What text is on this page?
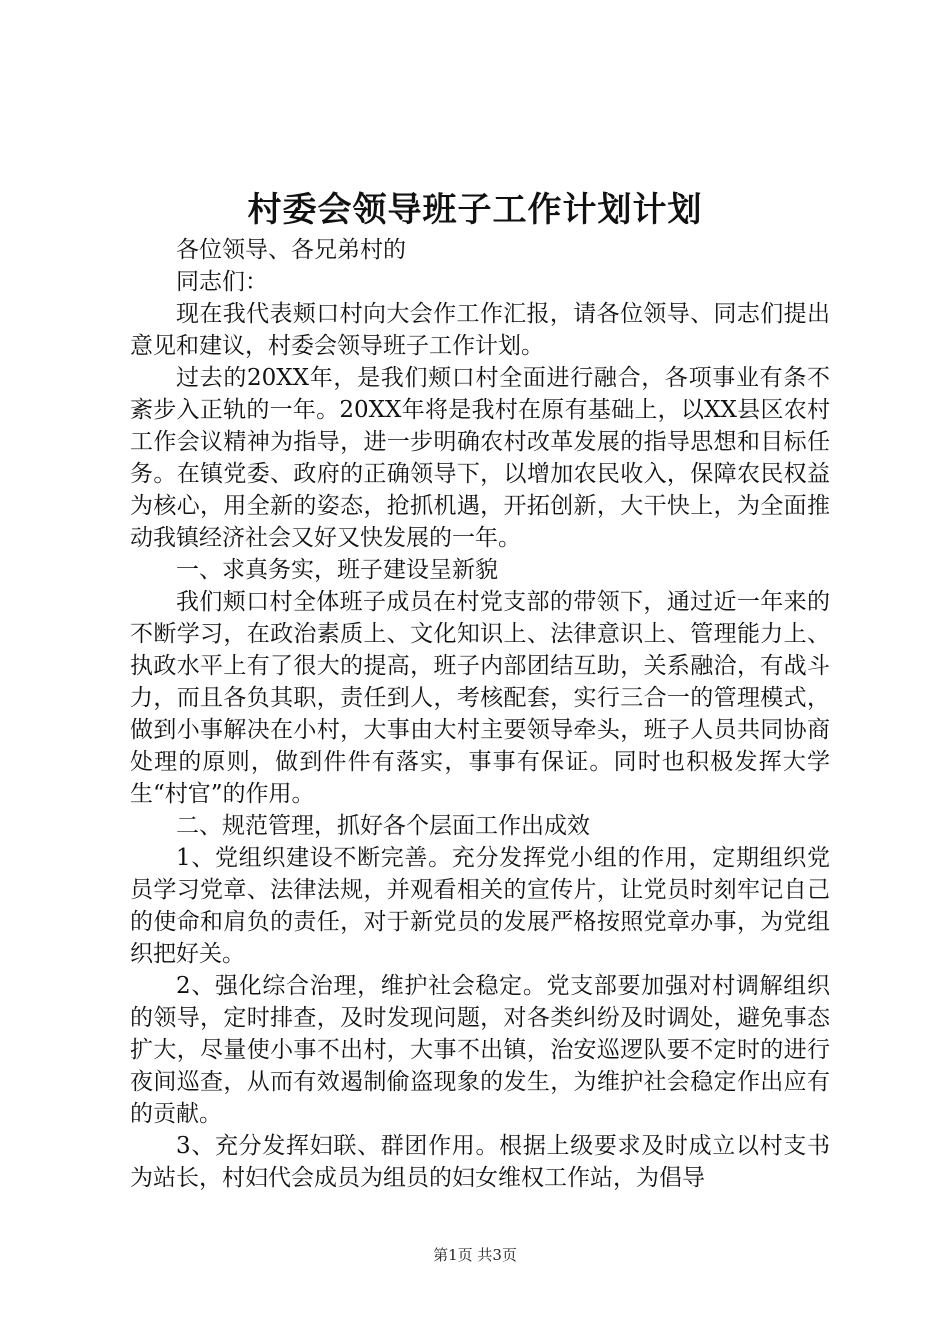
村委会领导班子工作计划计划

各位领导、各兄弟村的

同志们：

现在我代表颊口村向大会作工作汇报，请各位领导、同志们提出意见和建议，村委会领导班子工作计划。

过去的20XX年，是我们颊口村全面进行融合，各项事业有条不紊步入正轨的一年。20XX年将是我村在原有基础上，以XX县区农村工作会议精神为指导，进一步明确农村改革发展的指导思想和目标任务。在镇党委、政府的正确领导下，以增加农民收入，保障农民权益为核心，用全新的姿态，抢抓机遇，开拓创新，大干快上，为全面推动我镇经济社会又好又快发展的一年。

一、求真务实，班子建设呈新貌

我们颊口村全体班子成员在村党支部的带领下，通过近一年来的不断学习，在政治素质上、文化知识上、法律意识上、管理能力上、执政水平上有了很大的提高，班子内部团结互助，关系融洽，有战斗力，而且各负其职，责任到人，考核配套，实行三合一的管理模式，做到小事解决在小村，大事由大村主要领导牵头，班子人员共同协商处理的原则，做到件件有落实，事事有保证。同时也积极发挥大学生“村官”的作用。

二、规范管理，抓好各个层面工作出成效

1、党组织建设不断完善。充分发挥党小组的作用，定期组织党员学习党章、法律法规，并观看相关的宣传片，让党员时刻牢记自己的使命和肩负的责任，对于新党员的发展严格按照党章办事，为党组织把好关。

2、强化综合治理，维护社会稳定。党支部要加强对村调解组织的领导，定时排查，及时发现问题，对各类纠纷及时调处，避免事态扩大，尽量使小事不出村，大事不出镇，治安巡逻队要不定时的进行夜间巡查，从而有效遏制偷盗现象的发生，为维护社会稳定作出应有的贡献。

3、充分发挥妇联、群团作用。根据上级要求及时成立以村支书为站长，村妇代会成员为组员的妇女维权工作站，为倡导

第1页 共3页
